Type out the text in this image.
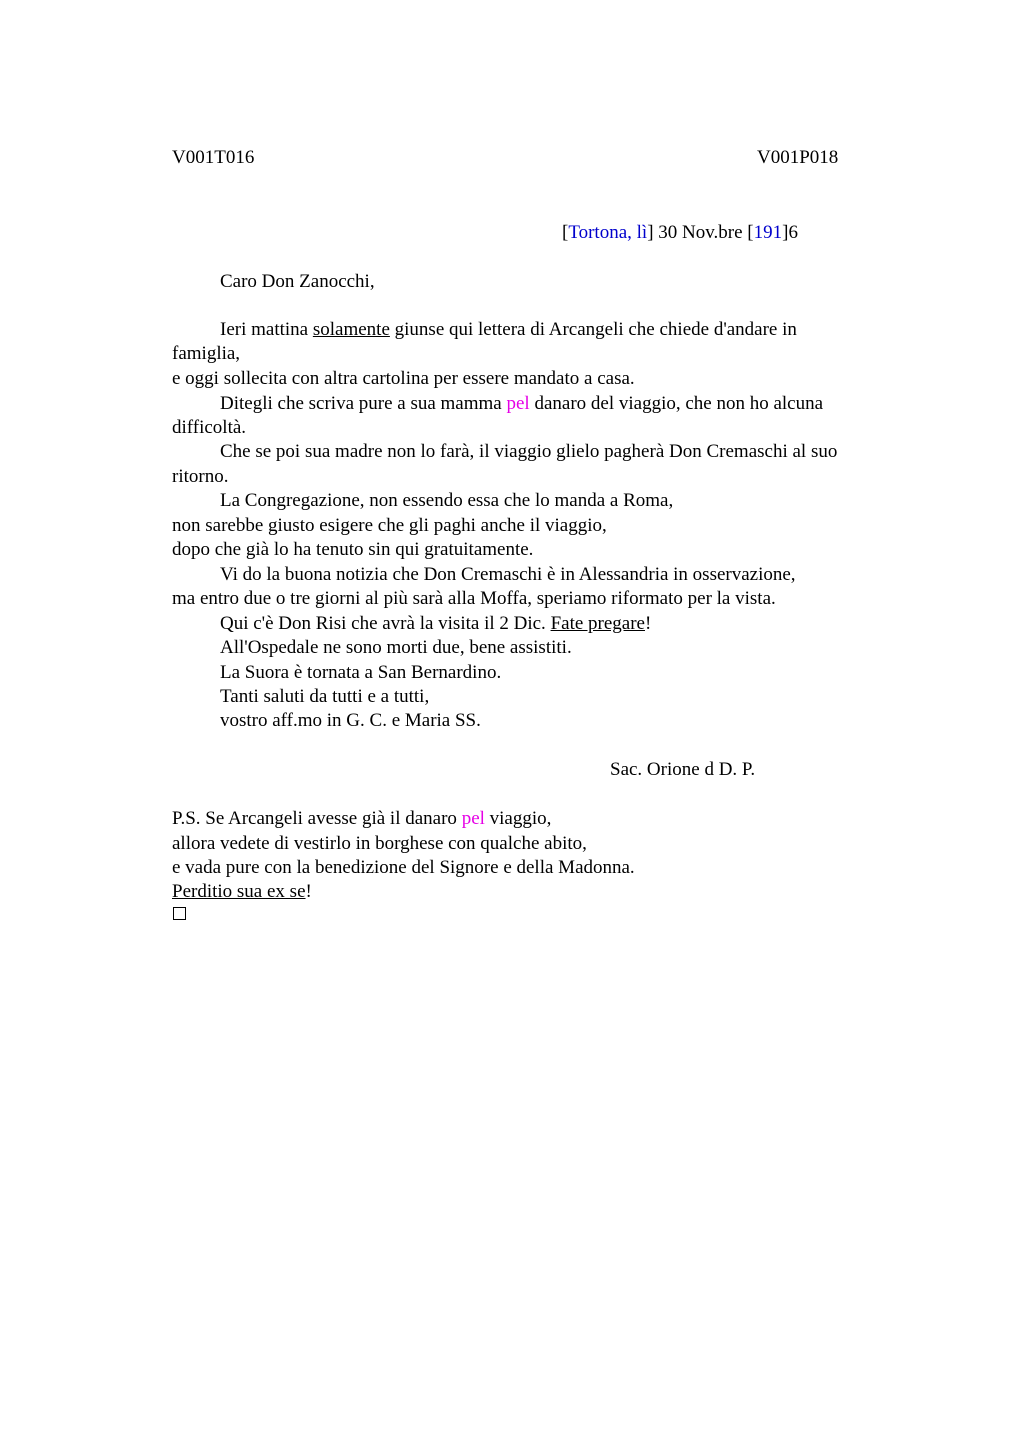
V001T016	V001P018
[Tortona, lì] 30 Nov.bre [191]6
Caro Don Zanocchi,
Ieri mattina solamente giunse qui lettera di Arcangeli che chiede d'andare in
famiglia,
e oggi sollecita con altra cartolina per essere mandato a casa.
Ditegli che scriva pure a sua mamma pel danaro del viaggio, che non ho alcuna
difficoltà.
Che se poi sua madre non lo farà, il viaggio glielo pagherà Don Cremaschi al suo
ritorno.
La Congregazione, non essendo essa che lo manda a Roma,
non sarebbe giusto esigere che gli paghi anche il viaggio,
dopo che già lo ha tenuto sin qui gratuitamente.
Vi do la buona notizia che Don Cremaschi è in Alessandria in osservazione,
ma entro due o tre giorni al più sarà alla Moffa, speriamo riformato per la vista.
Qui c'è Don Risi che avrà la visita il 2 Dic. Fate pregare!
All'Ospedale ne sono morti due, bene assistiti.
La Suora è tornata a San Bernardino.
Tanti saluti da tutti e a tutti,
vostro aff.mo in G. C. e Maria SS.
Sac. Orione d D. P.
P.S. Se Arcangeli avesse già il danaro pel viaggio,
allora vedete di vestirlo in borghese con qualche abito,
e vada pure con la benedizione del Signore e della Madonna.
Perditio sua ex se!
